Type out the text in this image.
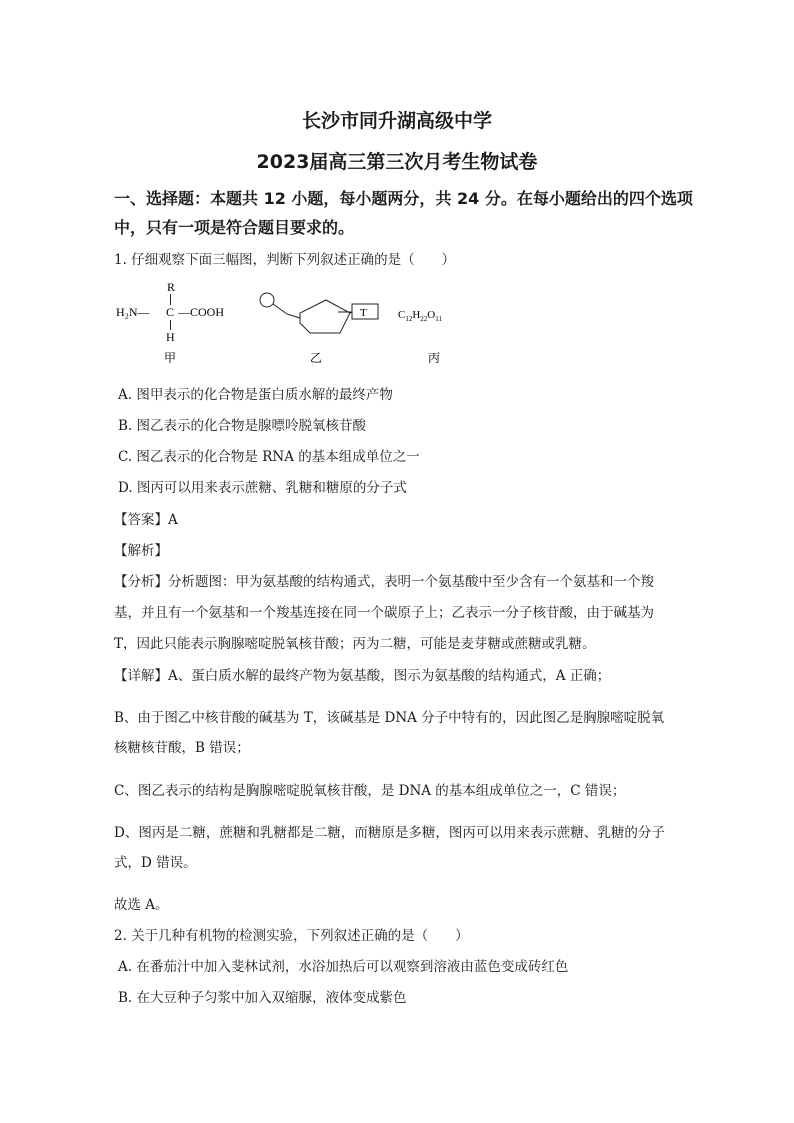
长沙市同升湖高级中学
2023届高三第三次月考生物试卷
一、选择题：本题共 12 小题，每小题两分，共 24 分。在每小题给出的四个选项
中，只有一项是符合题目要求的。
1. 仔细观察下面三幅图，判断下列叙述正确的是（　　）
R
H₂N— C —COOH
H
甲
T
乙
$C_{12}H_{22}O_{11}$
丙
A. 图甲表示的化合物是蛋白质水解的最终产物
B. 图乙表示的化合物是腺嘌呤脱氧核苷酸
C. 图乙表示的化合物是 RNA 的基本组成单位之一
D. 图丙可以用来表示蔗糖、乳糖和糖原的分子式
【答案】A
【解析】
【分析】分析题图：甲为氨基酸的结构通式，表明一个氨基酸中至少含有一个氨基和一个羧
基，并且有一个氨基和一个羧基连接在同一个碳原子上；乙表示一分子核苷酸，由于碱基为
T，因此只能表示胸腺嘧啶脱氧核苷酸；丙为二糖，可能是麦芽糖或蔗糖或乳糖。
【详解】A、蛋白质水解的最终产物为氨基酸，图示为氨基酸的结构通式，A 正确；
B、由于图乙中核苷酸的碱基为 T，该碱基是 DNA 分子中特有的，因此图乙是胸腺嘧啶脱氧
核糖核苷酸，B 错误；
C、图乙表示的结构是胸腺嘧啶脱氧核苷酸，是 DNA 的基本组成单位之一，C 错误；
D、图丙是二糖，蔗糖和乳糖都是二糖，而糖原是多糖，图丙可以用来表示蔗糖、乳糖的分子
式，D 错误。
故选 A。
2. 关于几种有机物的检测实验，下列叙述正确的是（　　）
A. 在番茄汁中加入斐林试剂，水浴加热后可以观察到溶液由蓝色变成砖红色
B. 在大豆种子匀浆中加入双缩脲，液体变成紫色
